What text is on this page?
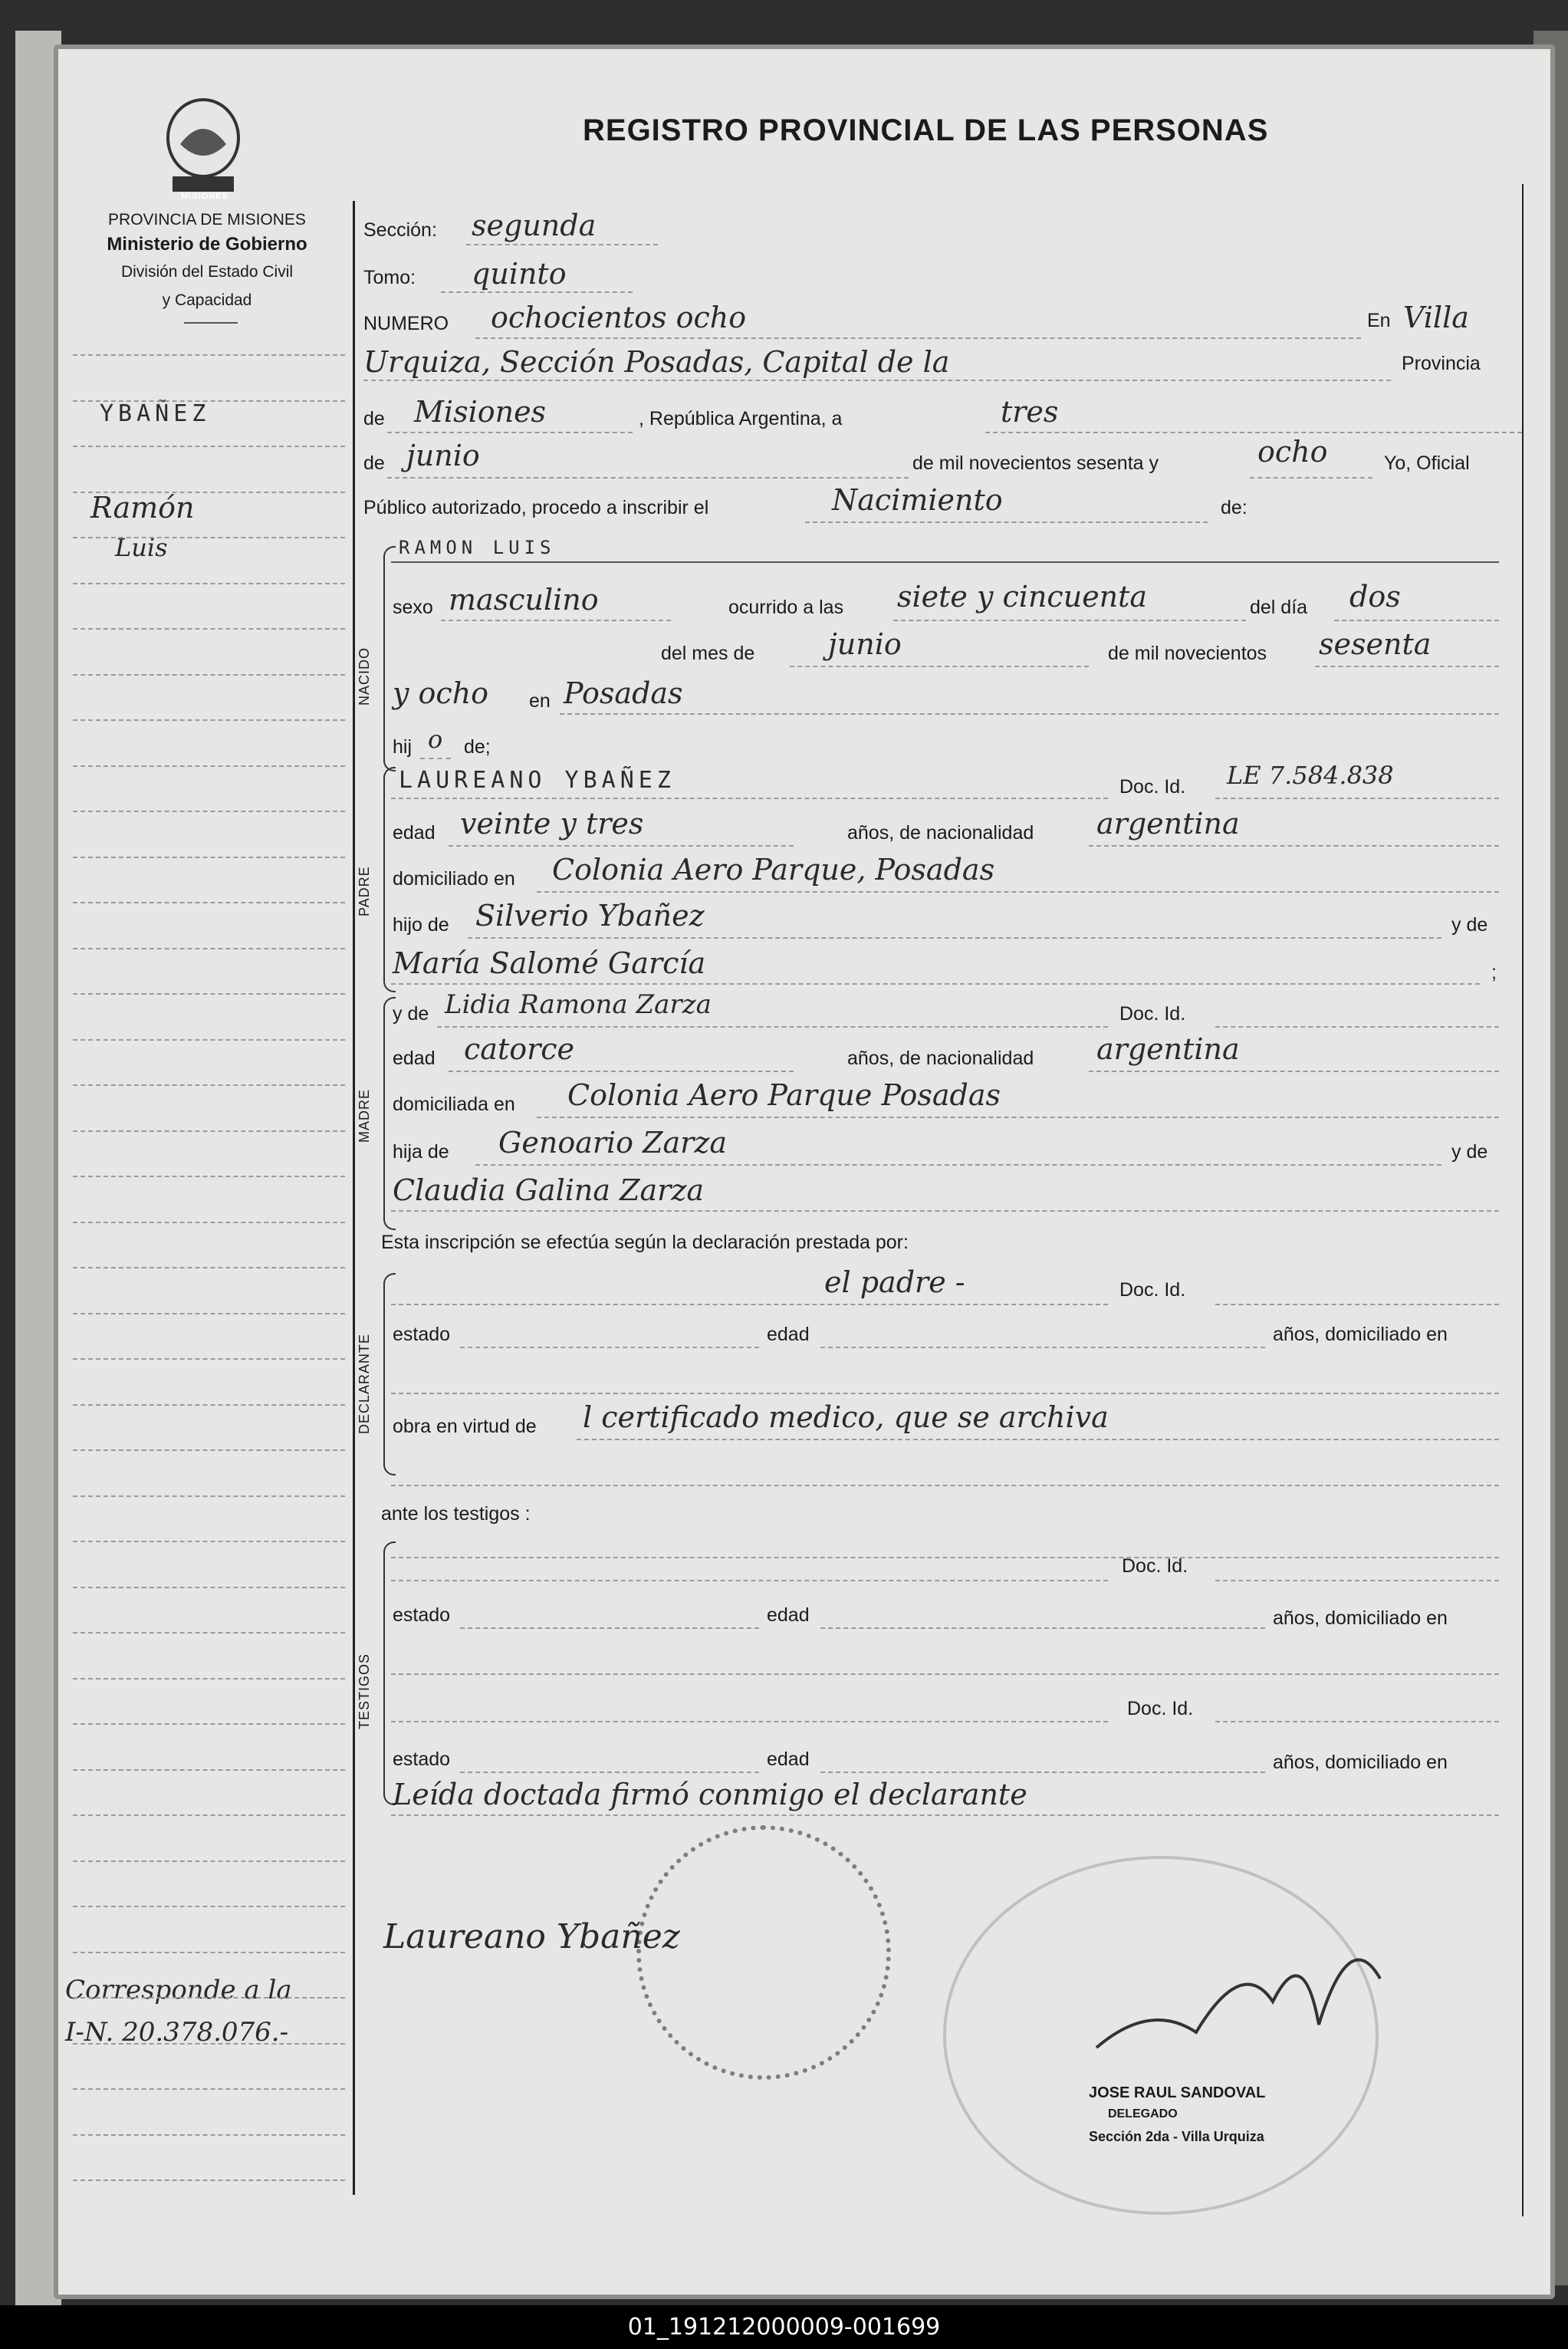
MISIONES
PROVINCIA DE MISIONES
Ministerio de Gobierno
División del Estado Civil
y Capacidad
REGISTRO PROVINCIAL DE LAS PERSONAS
YBAÑEZ
Ramón
Luis
Corresponde a la
I-N. 20.378.076.-
Sección: segunda
Tomo: quinto
NUMERO ochocientos ocho	En Villa
Urquiza, Sección Posadas, Capital de la	Provincia
de Misiones	, República Argentina, a	tres
de junio	de mil novecientos sesenta y	ocho	Yo, Oficial
Público autorizado, procedo a inscribir el	Nacimiento	de:
NACIDO
RAMON LUIS
sexo masculino	ocurrido a las siete y cincuenta	del día dos
del mes de	junio	de mil novecientos sesenta
y ocho en Posadas
hij o de;
PADRE
LAUREANO YBAÑEZ	Doc. Id. LE 7.584.838
edad veinte y tres	años, de nacionalidad argentina
domiciliado en Colonia Aero Parque, Posadas
hijo de Silverio Ybañez	y de
María Salomé García	;
MADRE
y de Lidia Ramona Zarza	Doc. Id.
edad catorce	años, de nacionalidad argentina
domiciliada en Colonia Aero Parque Posadas
hija de Genoario Zarza	y de
Claudia Galina Zarza
Esta inscripción se efectúa según la declaración prestada por:
DECLARANTE
el padre -	Doc. Id.
estado	edad	años, domiciliado en
obra en virtud de l certificado medico, que se archiva
ante los testigos :
TESTIGOS
Doc. Id.
estado	edad	años, domiciliado en
Doc. Id.
estado	edad	años, domiciliado en
Leída doctada firmó conmigo el declarante
Laureano Ybañez
JOSE RAUL SANDOVAL
DELEGADO
Sección 2da - Villa Urquiza
01_191212000009-001699
